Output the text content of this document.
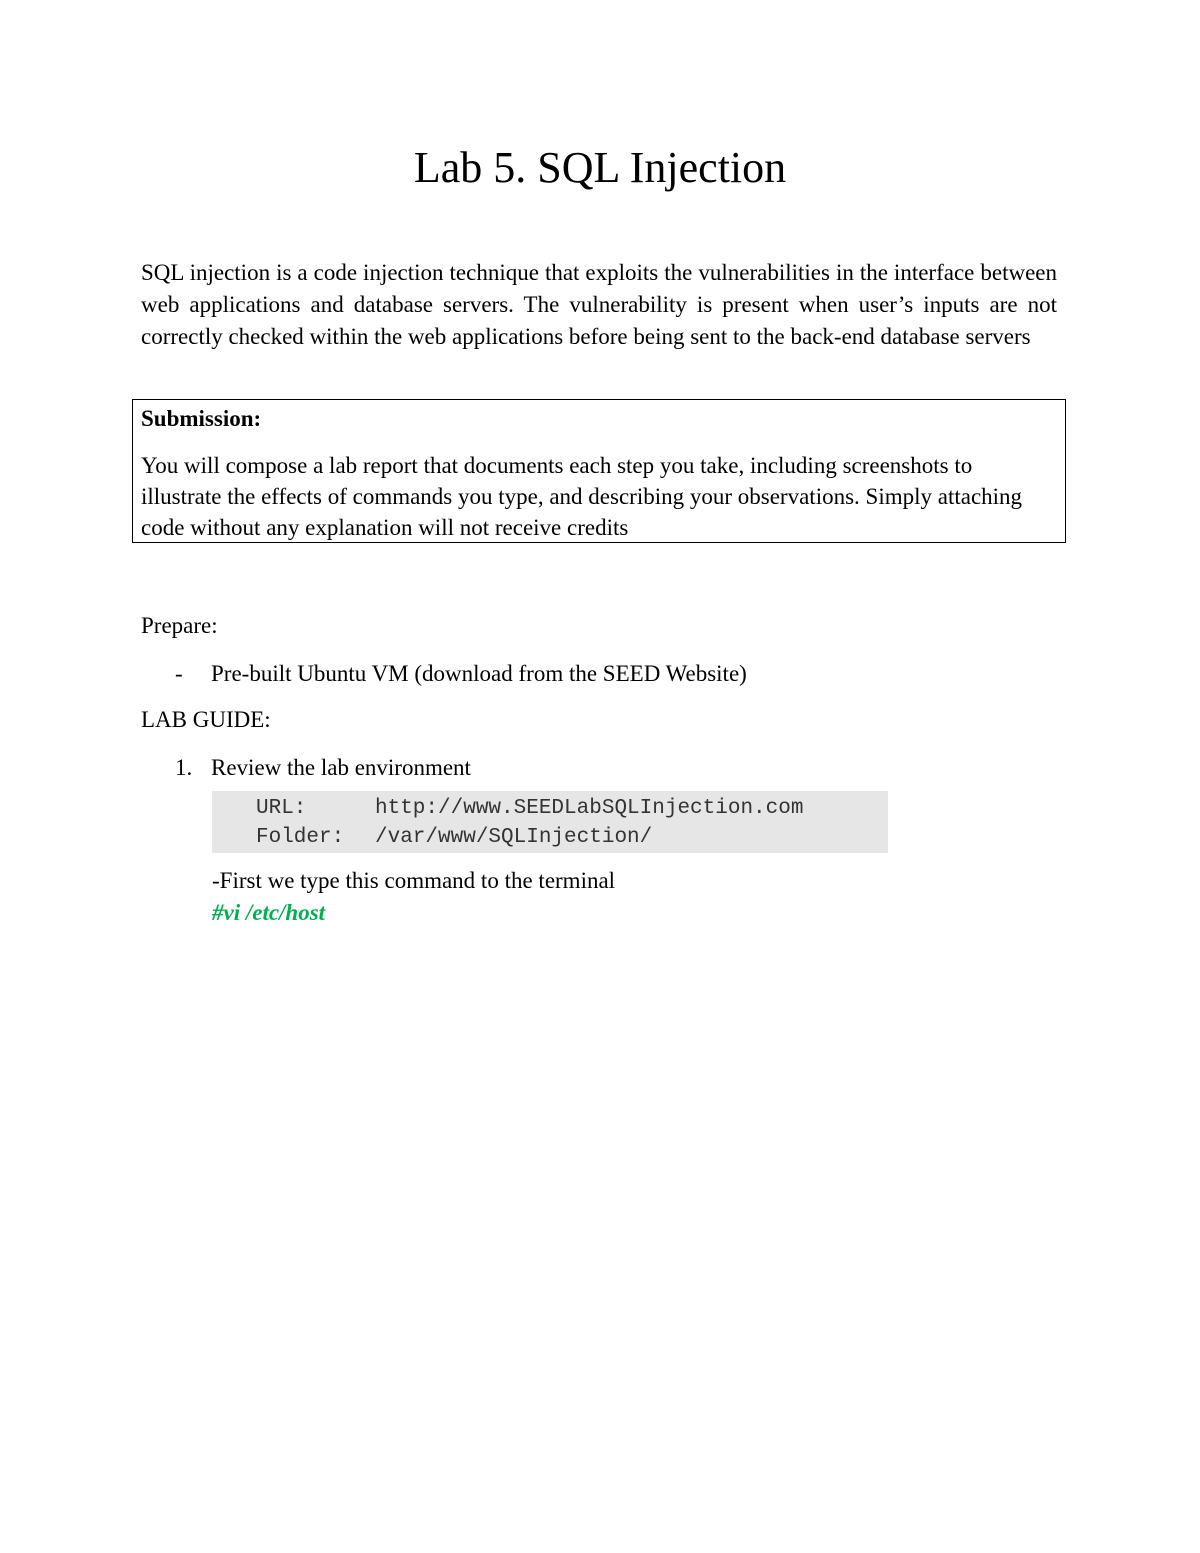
Lab 5. SQL Injection

SQL injection is a code injection technique that exploits the vulnerabilities in the interface between web applications and database servers. The vulnerability is present when user’s inputs are not correctly checked within the web applications before being sent to the back-end database servers

Submission:

You will compose a lab report that documents each step you take, including screenshots to illustrate the effects of commands you type, and describing your observations. Simply attaching code without any explanation will not receive credits

Prepare:

- Pre-built Ubuntu VM (download from the SEED Website)

LAB GUIDE:

1. Review the lab environment

URL:	http://www.SEEDLabSQLInjection.com
Folder: /var/www/SQLInjection/

-First we type this command to the terminal

#vi /etc/host
